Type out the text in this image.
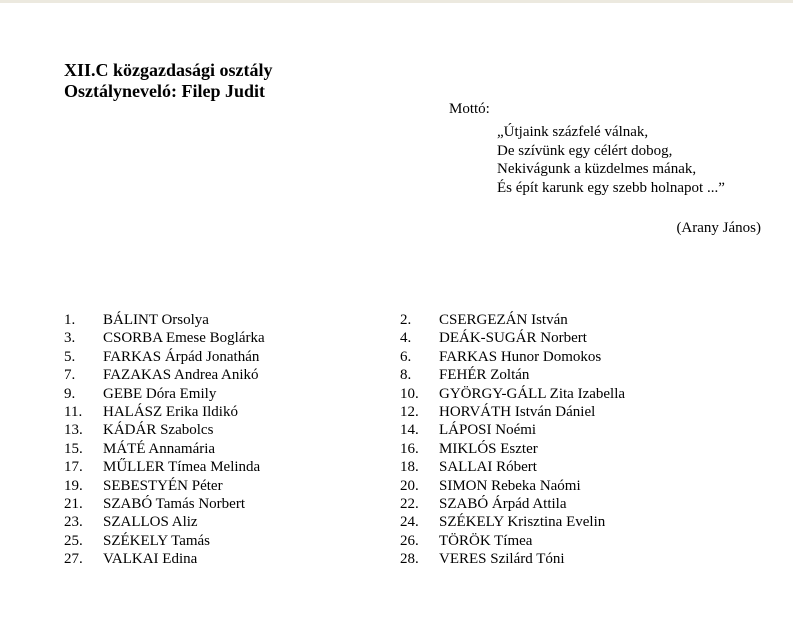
XII.C közgazdasági osztály
Osztályneveló: Filep Judit
Mottó:
„Útjaink százfelé válnak,
De szívünk egy célért dobog,
Nekivágunk a küzdelmes mának,
És épít karunk egy szebb holnapot ...”
(Arany János)
1.	BÁLINT Orsolya
3.	CSORBA Emese Boglárka
5.	FARKAS Árpád Jonathán
7.	FAZAKAS Andrea Anikó
9.	GEBE Dóra Emily
11.	HALÁSZ Erika Ildikó
13.	KÁDÁR Szabolcs
15.	MÁTÉ Annamária
17.	MŰLLER Tímea Melinda
19.	SEBESTYÉN Péter
21.	SZABÓ Tamás Norbert
23.	SZALLOS Aliz
25.	SZÉKELY Tamás
27.	VALKAI Edina
2.	CSERGEZÁN István
4.	DEÁK-SUGÁR Norbert
6.	FARKAS Hunor Domokos
8.	FEHÉR Zoltán
10.	GYÖRGY-GÁLL Zita Izabella
12.	HORVÁTH István Dániel
14.	LÁPOSI Noémi
16.	MIKLÓS Eszter
18.	SALLAI Róbert
20.	SIMON Rebeka Naómi
22.	SZABÓ Árpád Attila
24.	SZÉKELY Krisztina Evelin
26.	TÖRÖK Tímea
28.	VERES Szilárd Tóni
